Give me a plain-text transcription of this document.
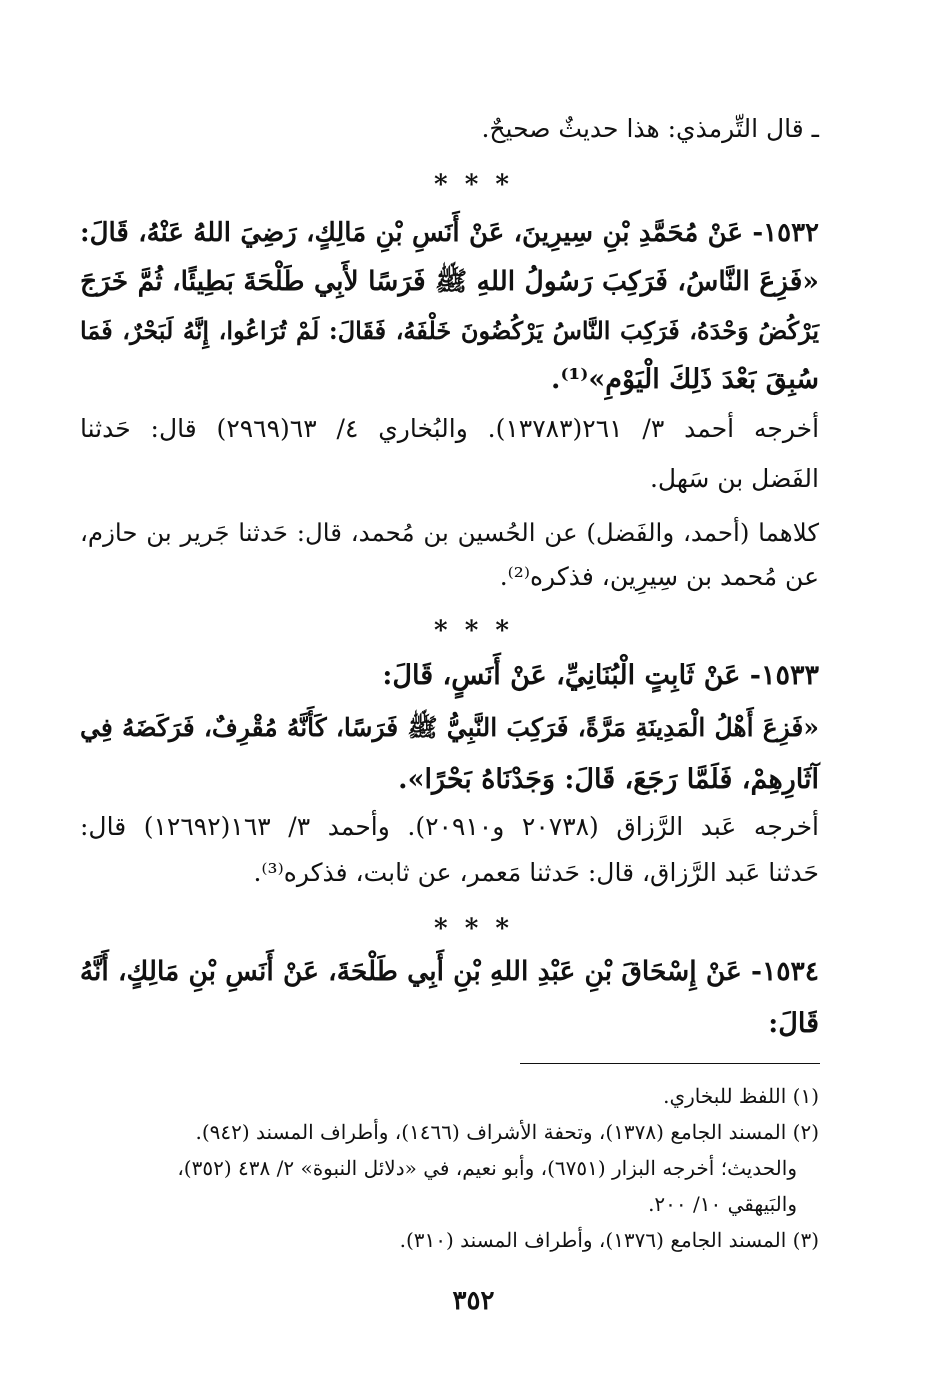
ـ قال التِّرمذي: هذا حديثٌ صحيحٌ.
* * *
١٥٣٢- عَنْ مُحَمَّدِ بْنِ سِيرِينَ، عَنْ أَنَسِ بْنِ مَالِكٍ، رَضِيَ اللهُ عَنْهُ، قَالَ:
«فَزِعَ النَّاسُ، فَرَكِبَ رَسُولُ اللهِ ﷺ فَرَسًا لأَبِي طَلْحَةَ بَطِيئًا، ثُمَّ خَرَجَ
يَرْكُضُ وَحْدَهُ، فَرَكِبَ النَّاسُ يَرْكُضُونَ خَلْفَهُ، فَقَالَ: لَمْ تُرَاعُوا، إِنَّهُ لَبَحْرٌ، فَمَا
سُبِقَ بَعْدَ ذَلِكَ الْيَوْمِ»⁽¹⁾.
أخرجه أحمد ٣/ ٢٦١(١٣٧٨٣). والبُخاري ٤/ ٦٣(٢٩٦٩) قال: حَدثنا
الفَضل بن سَهل.
كلاهما (أحمد، والفَضل) عن الحُسين بن مُحمد، قال: حَدثنا جَرير بن حازم،
عن مُحمد بن سِيرِين، فذكره⁽²⁾.
* * *
١٥٣٣- عَنْ ثَابِتٍ الْبُنَانِيِّ، عَنْ أَنَسٍ، قَالَ:
«فَزِعَ أَهْلُ الْمَدِينَةِ مَرَّةً، فَرَكِبَ النَّبِيُّ ﷺ فَرَسًا، كَأَنَّهُ مُقْرِفٌ، فَرَكَضَهُ فِي
آثَارِهِمْ، فَلَمَّا رَجَعَ، قَالَ: وَجَدْنَاهُ بَحْرًا».
أخرجه عَبد الرَّزاق (٢٠٧٣٨ و٢٠٩١٠). وأحمد ٣/ ١٦٣(١٢٦٩٢) قال:
حَدثنا عَبد الرَّزاق، قال: حَدثنا مَعمر، عن ثابت، فذكره⁽³⁾.
* * *
١٥٣٤- عَنْ إِسْحَاقَ بْنِ عَبْدِ اللهِ بْنِ أَبِي طَلْحَةَ، عَنْ أَنَسِ بْنِ مَالِكٍ، أَنَّهُ
قَالَ:
(١) اللفظ للبخاري.
(٢) المسند الجامع (١٣٧٨)، وتحفة الأشراف (١٤٦٦)، وأطراف المسند (٩٤٢).
والحديث؛ أخرجه البزار (٦٧٥١)، وأبو نعيم، في «دلائل النبوة» ٢/ ٤٣٨ (٣٥٢)،
والبَيهقي ١٠/ ٢٠٠.
(٣) المسند الجامع (١٣٧٦)، وأطراف المسند (٣١٠).
٣٥٢
